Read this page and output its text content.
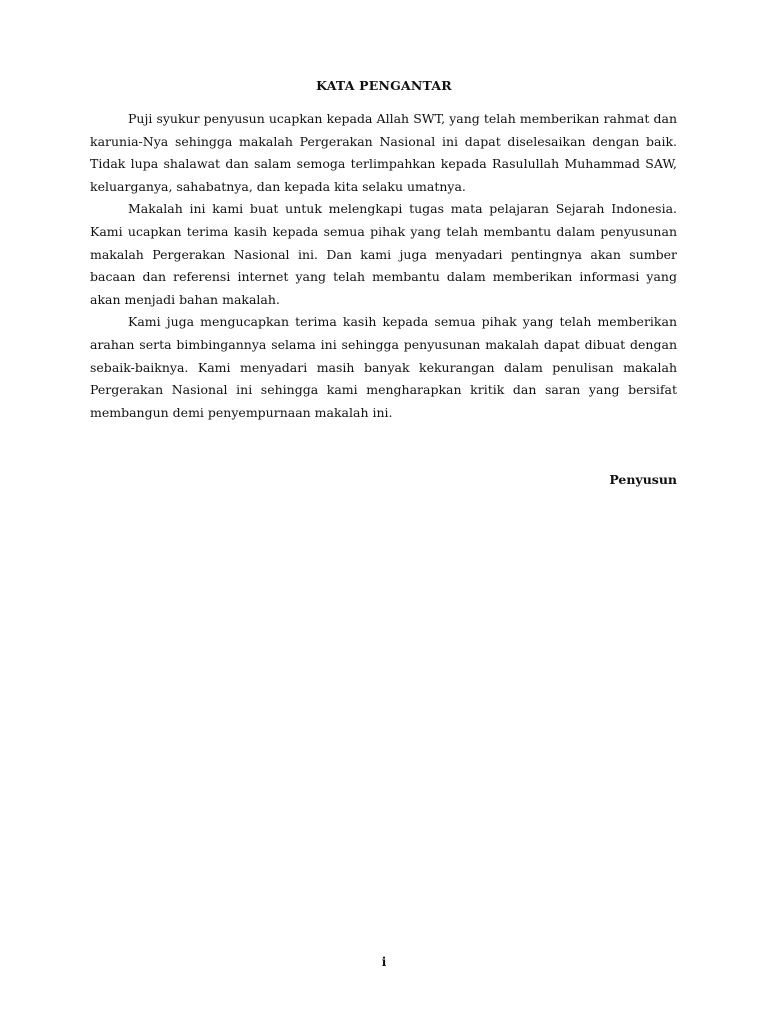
KATA PENGANTAR

Puji syukur penyusun ucapkan kepada Allah SWT, yang telah memberikan rahmat dan karunia-Nya sehingga makalah Pergerakan Nasional ini dapat diselesaikan dengan baik. Tidak lupa shalawat dan salam semoga terlimpahkan kepada Rasulullah Muhammad SAW, keluarganya, sahabatnya, dan kepada kita selaku umatnya.

Makalah ini kami buat untuk melengkapi tugas mata pelajaran Sejarah Indonesia. Kami ucapkan terima kasih kepada semua pihak yang telah membantu dalam penyusunan makalah Pergerakan Nasional ini. Dan kami juga menyadari pentingnya akan sumber bacaan dan referensi internet yang telah membantu dalam memberikan informasi yang akan menjadi bahan makalah.

Kami juga mengucapkan terima kasih kepada semua pihak yang telah memberikan arahan serta bimbingannya selama ini sehingga penyusunan makalah dapat dibuat dengan sebaik-baiknya. Kami menyadari masih banyak kekurangan dalam penulisan makalah Pergerakan Nasional ini sehingga kami mengharapkan kritik dan saran yang bersifat membangun demi penyempurnaan makalah ini.

Penyusun
i
